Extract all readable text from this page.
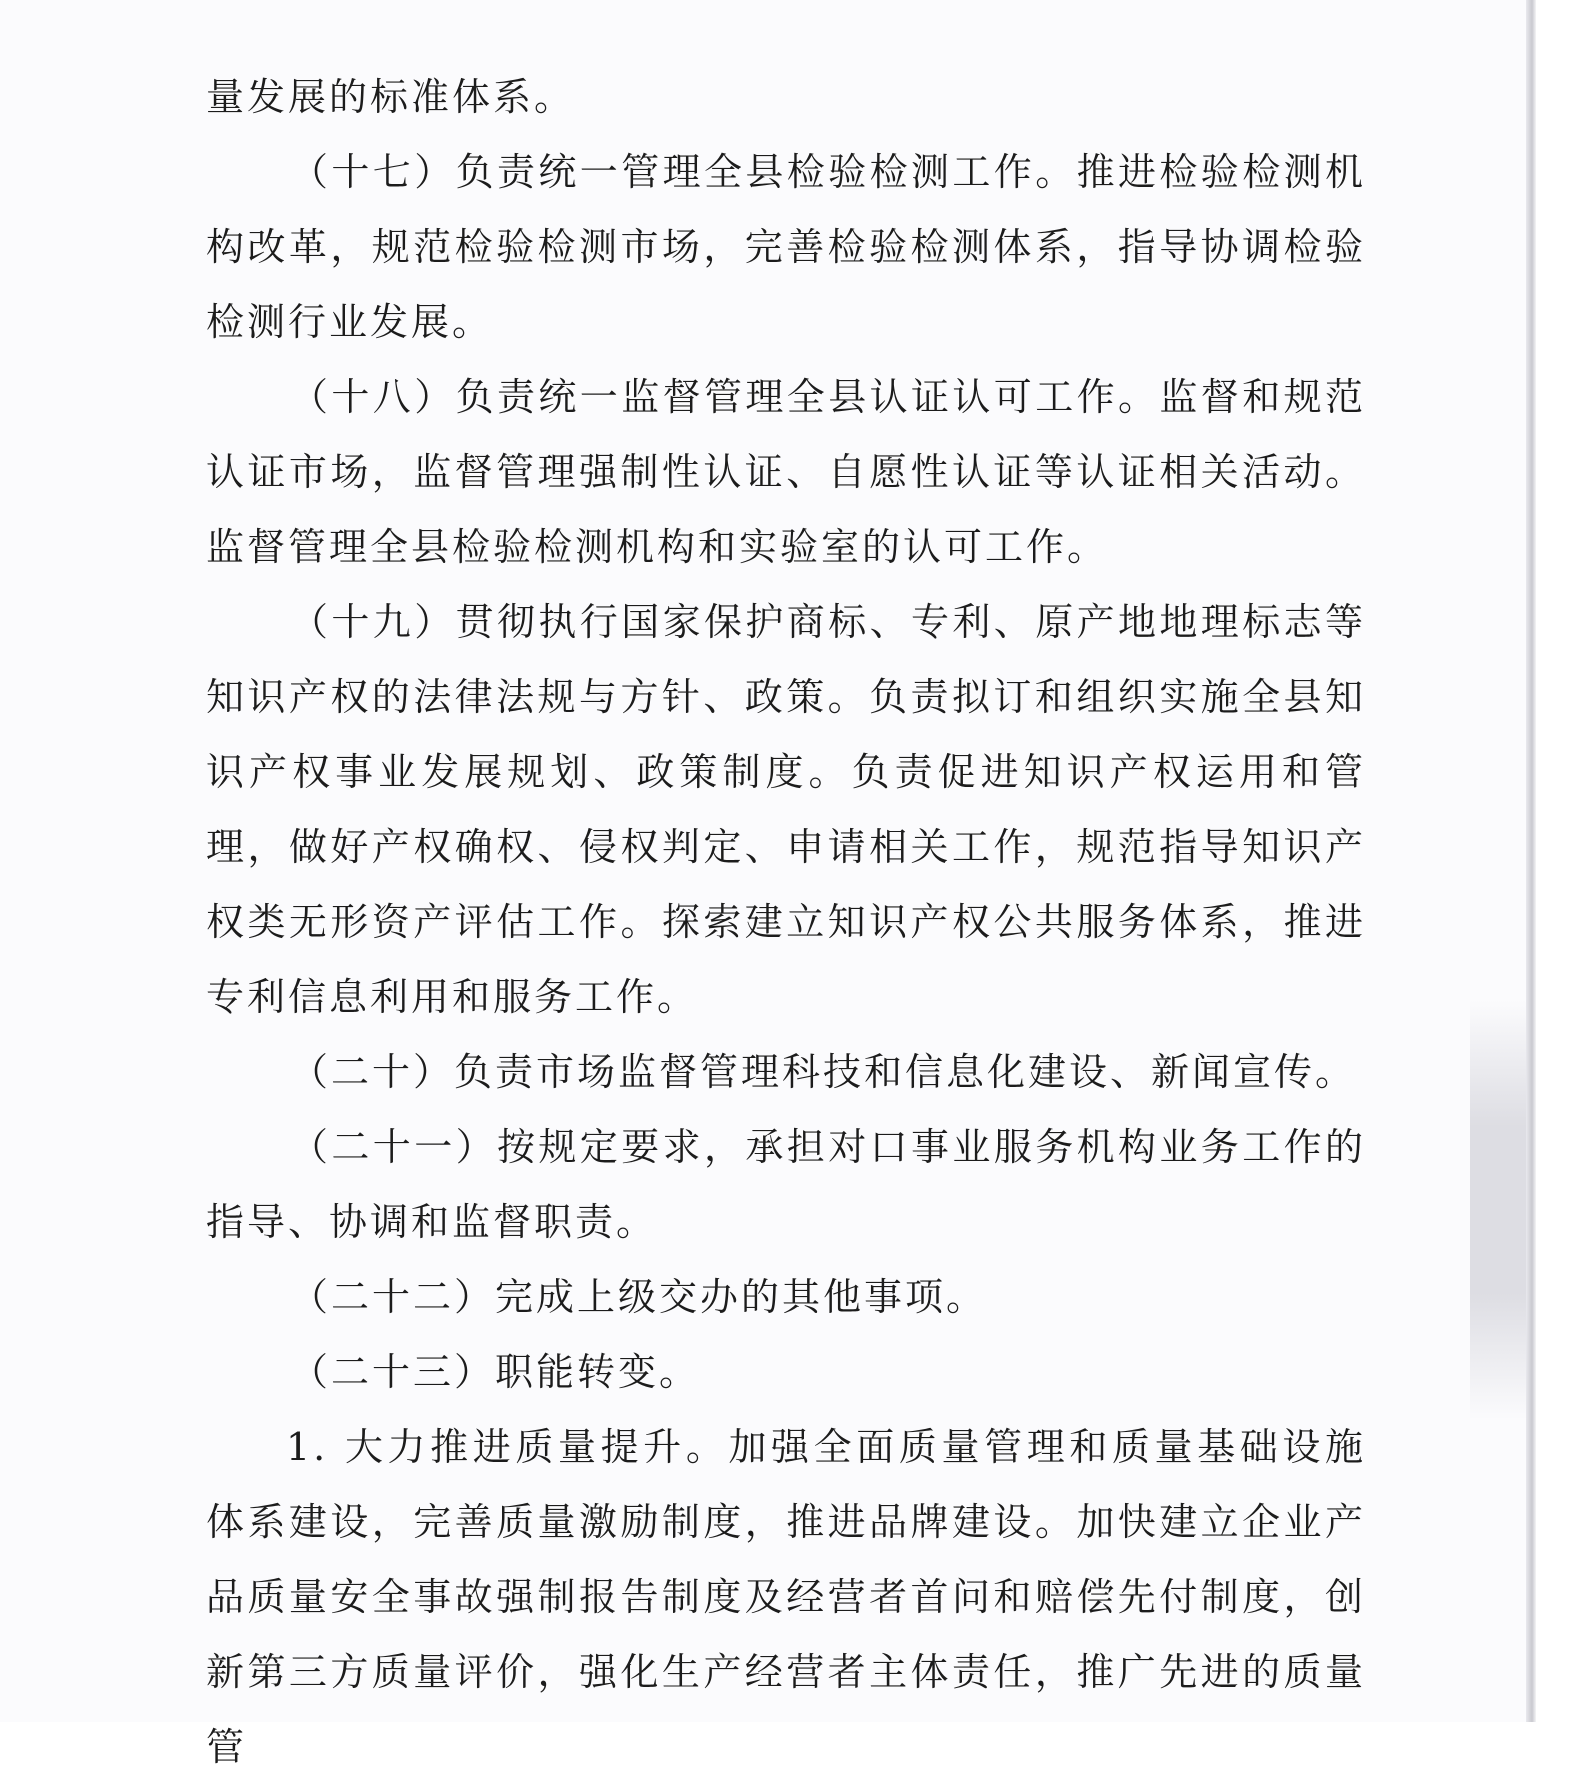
量发展的标准体系。

（十七）负责统一管理全县检验检测工作。推进检验检测机构改革，规范检验检测市场，完善检验检测体系，指导协调检验检测行业发展。

（十八）负责统一监督管理全县认证认可工作。监督和规范认证市场，监督管理强制性认证、自愿性认证等认证相关活动。监督管理全县检验检测机构和实验室的认可工作。

（十九）贯彻执行国家保护商标、专利、原产地地理标志等知识产权的法律法规与方针、政策。负责拟订和组织实施全县知识产权事业发展规划、政策制度。负责促进知识产权运用和管理，做好产权确权、侵权判定、申请相关工作，规范指导知识产权类无形资产评估工作。探索建立知识产权公共服务体系，推进专利信息利用和服务工作。

（二十）负责市场监督管理科技和信息化建设、新闻宣传。

（二十一）按规定要求，承担对口事业服务机构业务工作的指导、协调和监督职责。

（二十二）完成上级交办的其他事项。

（二十三）职能转变。

1. 大力推进质量提升。加强全面质量管理和质量基础设施体系建设，完善质量激励制度，推进品牌建设。加快建立企业产品质量安全事故强制报告制度及经营者首问和赔偿先付制度，创新第三方质量评价，强化生产经营者主体责任，推广先进的质量管
